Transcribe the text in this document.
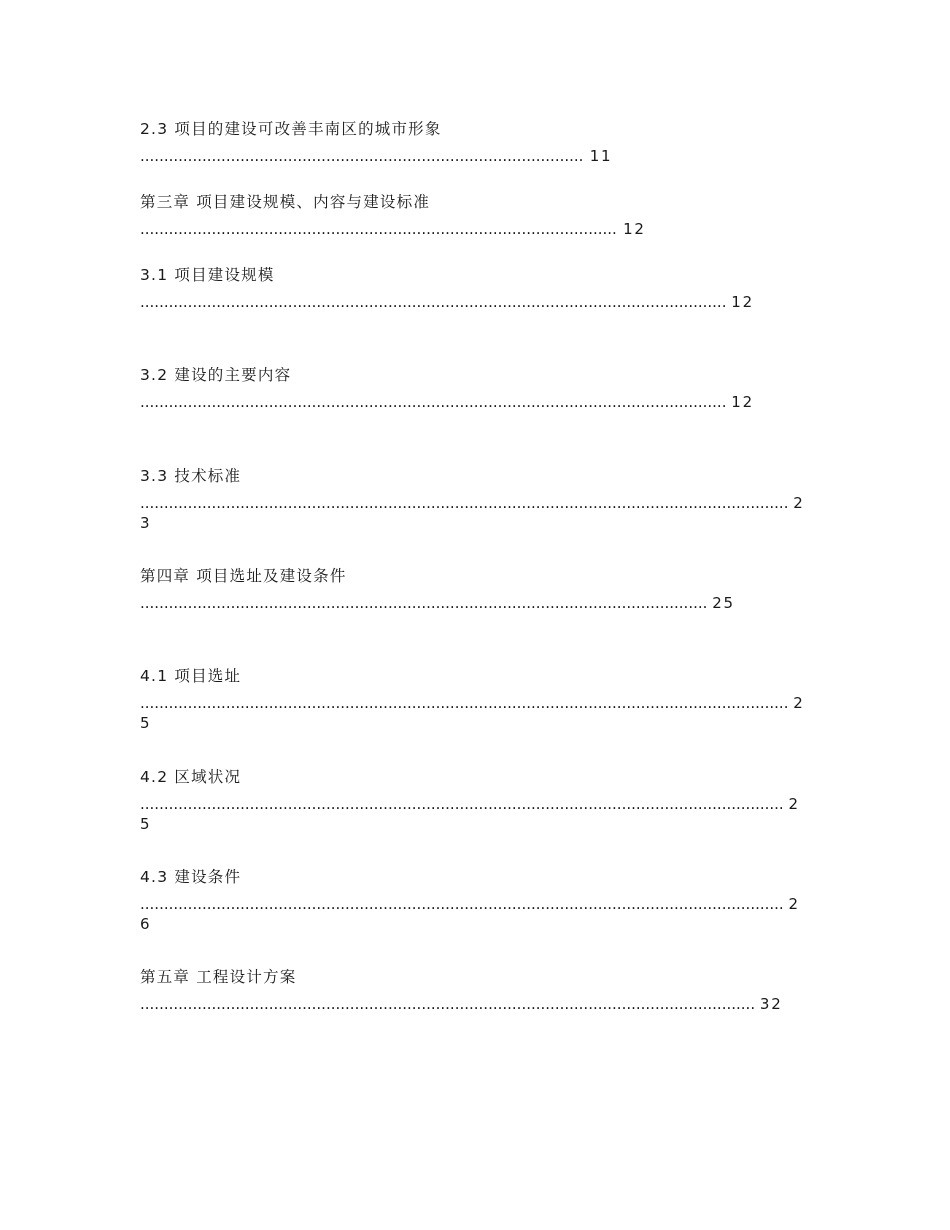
2.3 项目的建设可改善丰南区的城市形象
............................................................................................. 11
第三章 项目建设规模、内容与建设标准
.................................................................................................... 12
3.1 项目建设规模
........................................................................................................................... 12
3.2 建设的主要内容
........................................................................................................................... 12
3.3 技术标准
........................................................................................................................................ 23
第四章 项目选址及建设条件
....................................................................................................................... 25
4.1 项目选址
........................................................................................................................................ 25
4.2 区域状况
....................................................................................................................................... 25
4.3 建设条件
....................................................................................................................................... 26
第五章 工程设计方案
................................................................................................................................. 32
